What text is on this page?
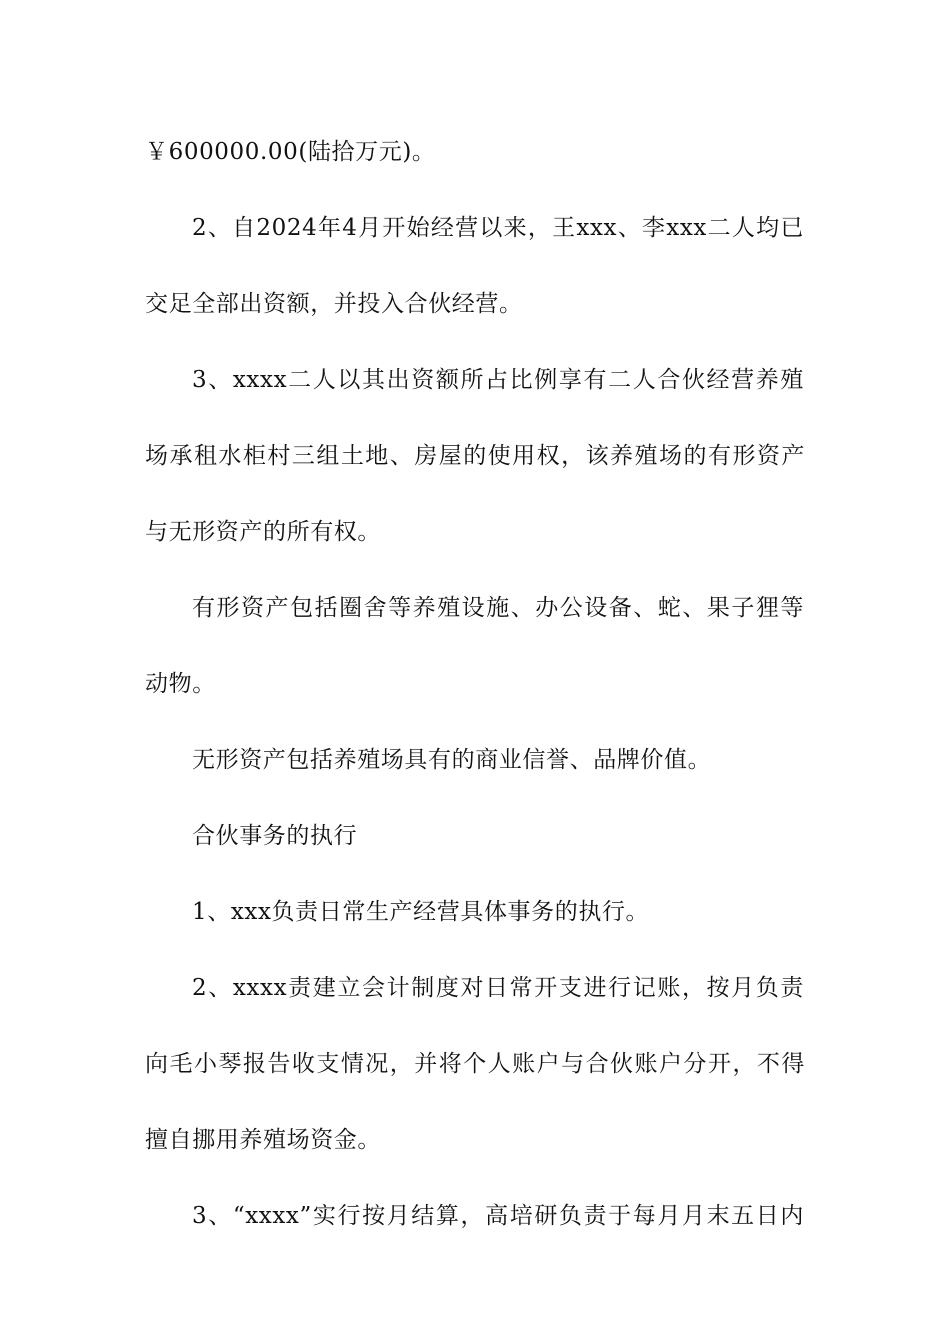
￥600000.00(陆拾万元)。
2、自2024年4月开始经营以来，王xxx、李xxx二人均已
交足全部出资额，并投入合伙经营。
3、xxxx二人以其出资额所占比例享有二人合伙经营养殖
场承租水柜村三组土地、房屋的使用权，该养殖场的有形资产
与无形资产的所有权。
有形资产包括圈舍等养殖设施、办公设备、蛇、果子狸等
动物。
无形资产包括养殖场具有的商业信誉、品牌价值。
合伙事务的执行
1、xxx负责日常生产经营具体事务的执行。
2、xxxx责建立会计制度对日常开支进行记账，按月负责
向毛小琴报告收支情况，并将个人账户与合伙账户分开，不得
擅自挪用养殖场资金。
3、“xxxx”实行按月结算，高培研负责于每月月末五日内
